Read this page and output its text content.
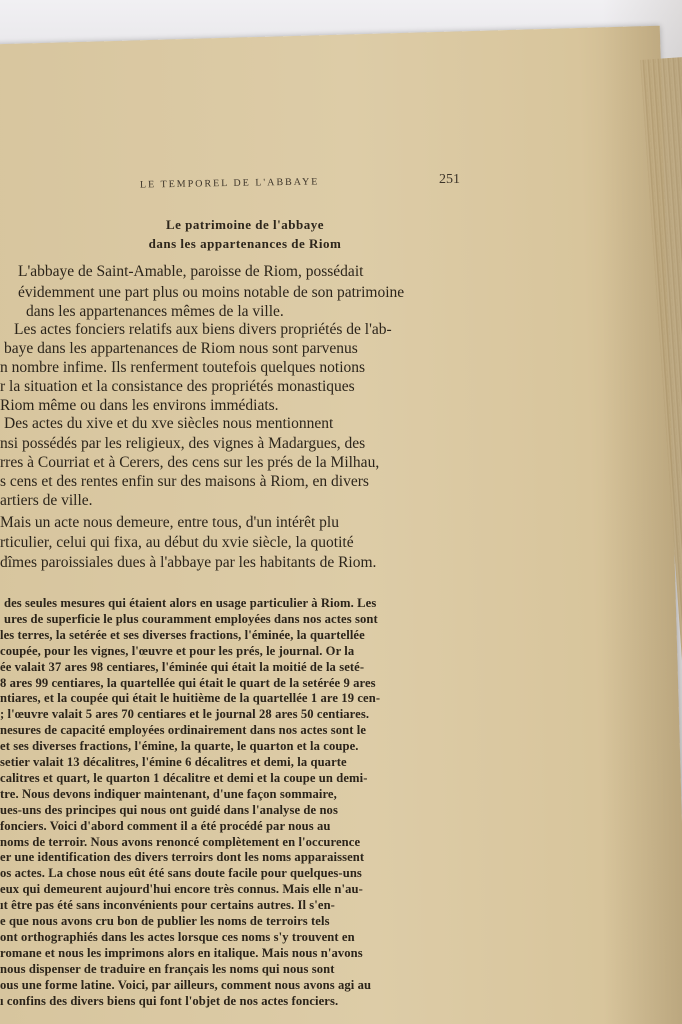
LE TEMPOREL DE L'ABBAYE	251
Le patrimoine de l'abbaye
dans les appartenances de Riom
L'abbaye de Saint-Amable, paroisse de Riom, possédait
évidemment une part plus ou moins notable de son patrimoine
dans les appartenances mêmes de la ville.
Les actes fonciers relatifs aux biens divers propriétés de l'ab-
baye dans les appartenances de Riom nous sont parvenus
n nombre infime. Ils renferment toutefois quelques notions
r la situation et la consistance des propriétés monastiques
Riom même ou dans les environs immédiats.
Des actes du xive et du xve siècles nous mentionnent
nsi possédés par les religieux, des vignes à Madargues, des
rres à Courriat et à Cerers, des cens sur les prés de la Milhau,
s cens et des rentes enfin sur des maisons à Riom, en divers
artiers de ville.
Mais un acte nous demeure, entre tous, d'un intérêt plu
rticulier, celui qui fixa, au début du xvie siècle, la quotité
dîmes paroissiales dues à l'abbaye par les habitants de Riom.
des seules mesures qui étaient alors en usage particulier à Riom. Les
ures de superficie le plus couramment employées dans nos actes sont
les terres, la setérée et ses diverses fractions, l'éminée, la quartellée
coupée, pour les vignes, l'œuvre et pour les prés, le journal. Or la
ée valait 37 ares 98 centiares, l'éminée qui était la moitié de la seté-
8 ares 99 centiares, la quartellée qui était le quart de la setérée 9 ares
ntiares, et la coupée qui était le huitième de la quartellée 1 are 19 cen-
; l'œuvre valait 5 ares 70 centiares et le journal 28 ares 50 centiares.
nesures de capacité employées ordinairement dans nos actes sont le
et ses diverses fractions, l'émine, la quarte, le quarton et la coupe.
setier valait 13 décalitres, l'émine 6 décalitres et demi, la quarte
calitres et quart, le quarton 1 décalitre et demi et la coupe un demi-
tre. Nous devons indiquer maintenant, d'une façon sommaire,
ues-uns des principes qui nous ont guidé dans l'analyse de nos
fonciers. Voici d'abord comment il a été procédé par nous au
noms de terroir. Nous avons renoncé complètement en l'occurence
er une identification des divers terroirs dont les noms apparaissent
os actes. La chose nous eût été sans doute facile pour quelques-uns
eux qui demeurent aujourd'hui encore très connus. Mais elle n'au-
ıt être pas été sans inconvénients pour certains autres. Il s'en-
e que nous avons cru bon de publier les noms de terroirs tels
ont orthographiés dans les actes lorsque ces noms s'y trouvent en
romane et nous les imprimons alors en italique. Mais nous n'avons
nous dispenser de traduire en français les noms qui nous sont
ous une forme latine. Voici, par ailleurs, comment nous avons agi au
ı confins des divers biens qui font l'objet de nos actes fonciers.
